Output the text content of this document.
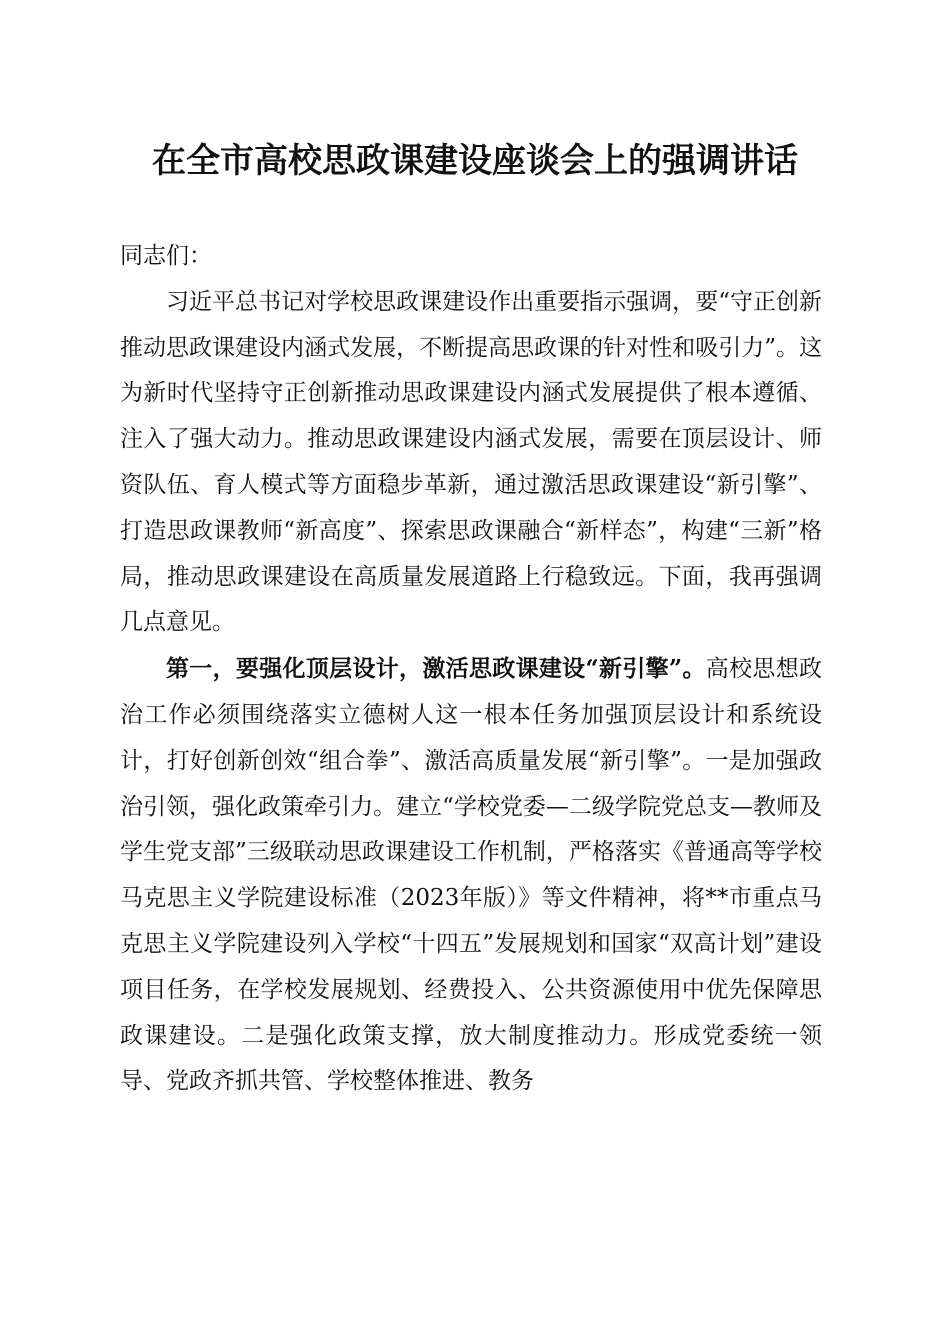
在全市高校思政课建设座谈会上的强调讲话

同志们：

习近平总书记对学校思政课建设作出重要指示强调，要“守正创新推动思政课建设内涵式发展，不断提高思政课的针对性和吸引力”。这为新时代坚持守正创新推动思政课建设内涵式发展提供了根本遵循、注入了强大动力。推动思政课建设内涵式发展，需要在顶层设计、师资队伍、育人模式等方面稳步革新，通过激活思政课建设“新引擎”、打造思政课教师“新高度”、探索思政课融合“新样态”，构建“三新”格局，推动思政课建设在高质量发展道路上行稳致远。下面，我再强调几点意见。

第一，要强化顶层设计，激活思政课建设“新引擎”。高校思想政治工作必须围绕落实立德树人这一根本任务加强顶层设计和系统设计，打好创新创效“组合拳”、激活高质量发展“新引擎”。一是加强政治引领，强化政策牵引力。建立“学校党委—二级学院党总支—教师及学生党支部”三级联动思政课建设工作机制，严格落实《普通高等学校马克思主义学院建设标准（2023年版）》等文件精神，将**市重点马克思主义学院建设列入学校“十四五”发展规划和国家“双高计划”建设项目任务，在学校发展规划、经费投入、公共资源使用中优先保障思政课建设。二是强化政策支撑，放大制度推动力。形成党委统一领导、党政齐抓共管、学校整体推进、教务
